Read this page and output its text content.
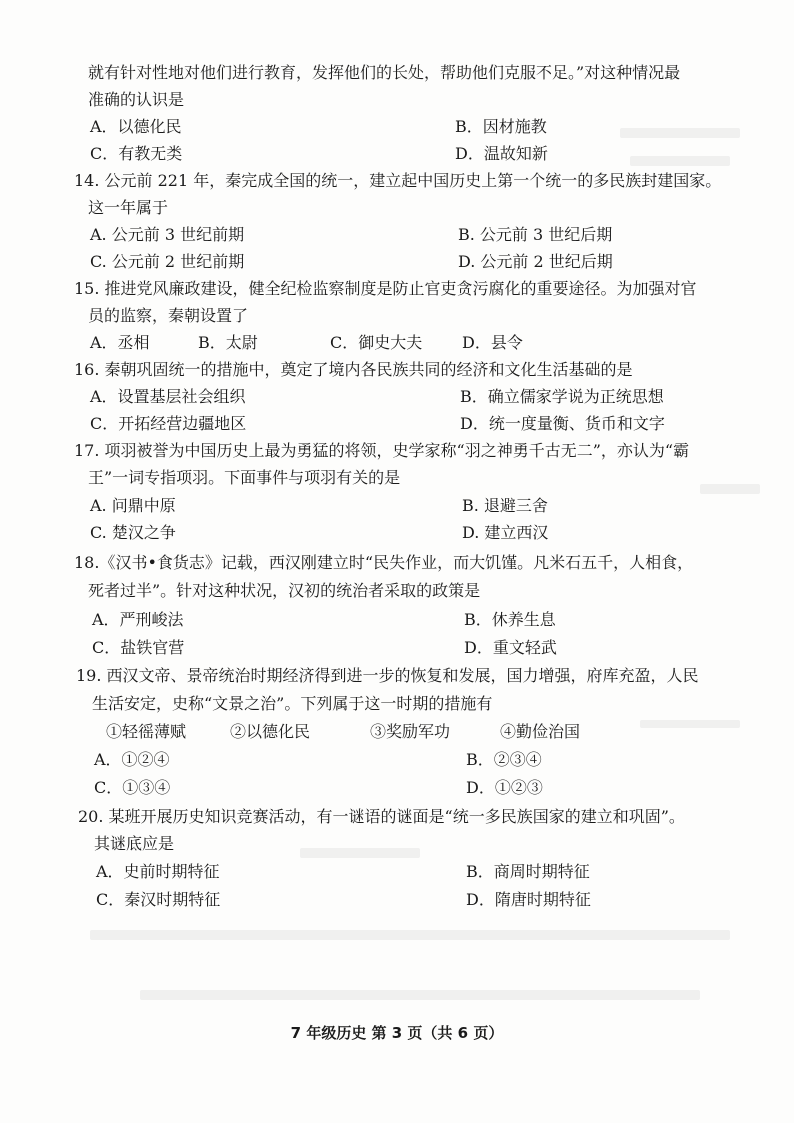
就有针对性地对他们进行教育，发挥他们的长处，帮助他们克服不足。”对这种情况最
准确的认识是
A．以德化民	B．因材施教
C．有教无类	D．温故知新
14. 公元前 221 年，秦完成全国的统一，建立起中国历史上第一个统一的多民族封建国家。
这一年属于
A. 公元前 3 世纪前期	B. 公元前 3 世纪后期
C. 公元前 2 世纪前期	D. 公元前 2 世纪后期
15. 推进党风廉政建设，健全纪检监察制度是防止官吏贪污腐化的重要途径。为加强对官
员的监察，秦朝设置了
A．丞相	B．太尉	C．御史大夫 D．县令
16. 秦朝巩固统一的措施中，奠定了境内各民族共同的经济和文化生活基础的是
A．设置基层社会组织	B．确立儒家学说为正统思想
C．开拓经营边疆地区	D．统一度量衡、货币和文字
17. 项羽被誉为中国历史上最为勇猛的将领，史学家称“羽之神勇千古无二”，亦认为“霸
王”一词专指项羽。下面事件与项羽有关的是
A. 问鼎中原	B. 退避三舍
C. 楚汉之争	D. 建立西汉
18.《汉书•食货志》记载，西汉刚建立时“民失作业，而大饥馑。凡米石五千，人相食，
死者过半”。针对这种状况，汉初的统治者采取的政策是
A．严刑峻法	B．休养生息
C．盐铁官营	D．重文轻武
19. 西汉文帝、景帝统治时期经济得到进一步的恢复和发展，国力增强，府库充盈，人民
生活安定，史称“文景之治”。下列属于这一时期的措施有
①轻徭薄赋	②以德化民	③奖励军功	④勤俭治国
A．①②④	B．②③④
C．①③④	D．①②③
20. 某班开展历史知识竞赛活动，有一谜语的谜面是“统一多民族国家的建立和巩固”。
其谜底应是
A．史前时期特征	B．商周时期特征
C．秦汉时期特征	D．隋唐时期特征
7 年级历史 第 3 页（共 6 页）
